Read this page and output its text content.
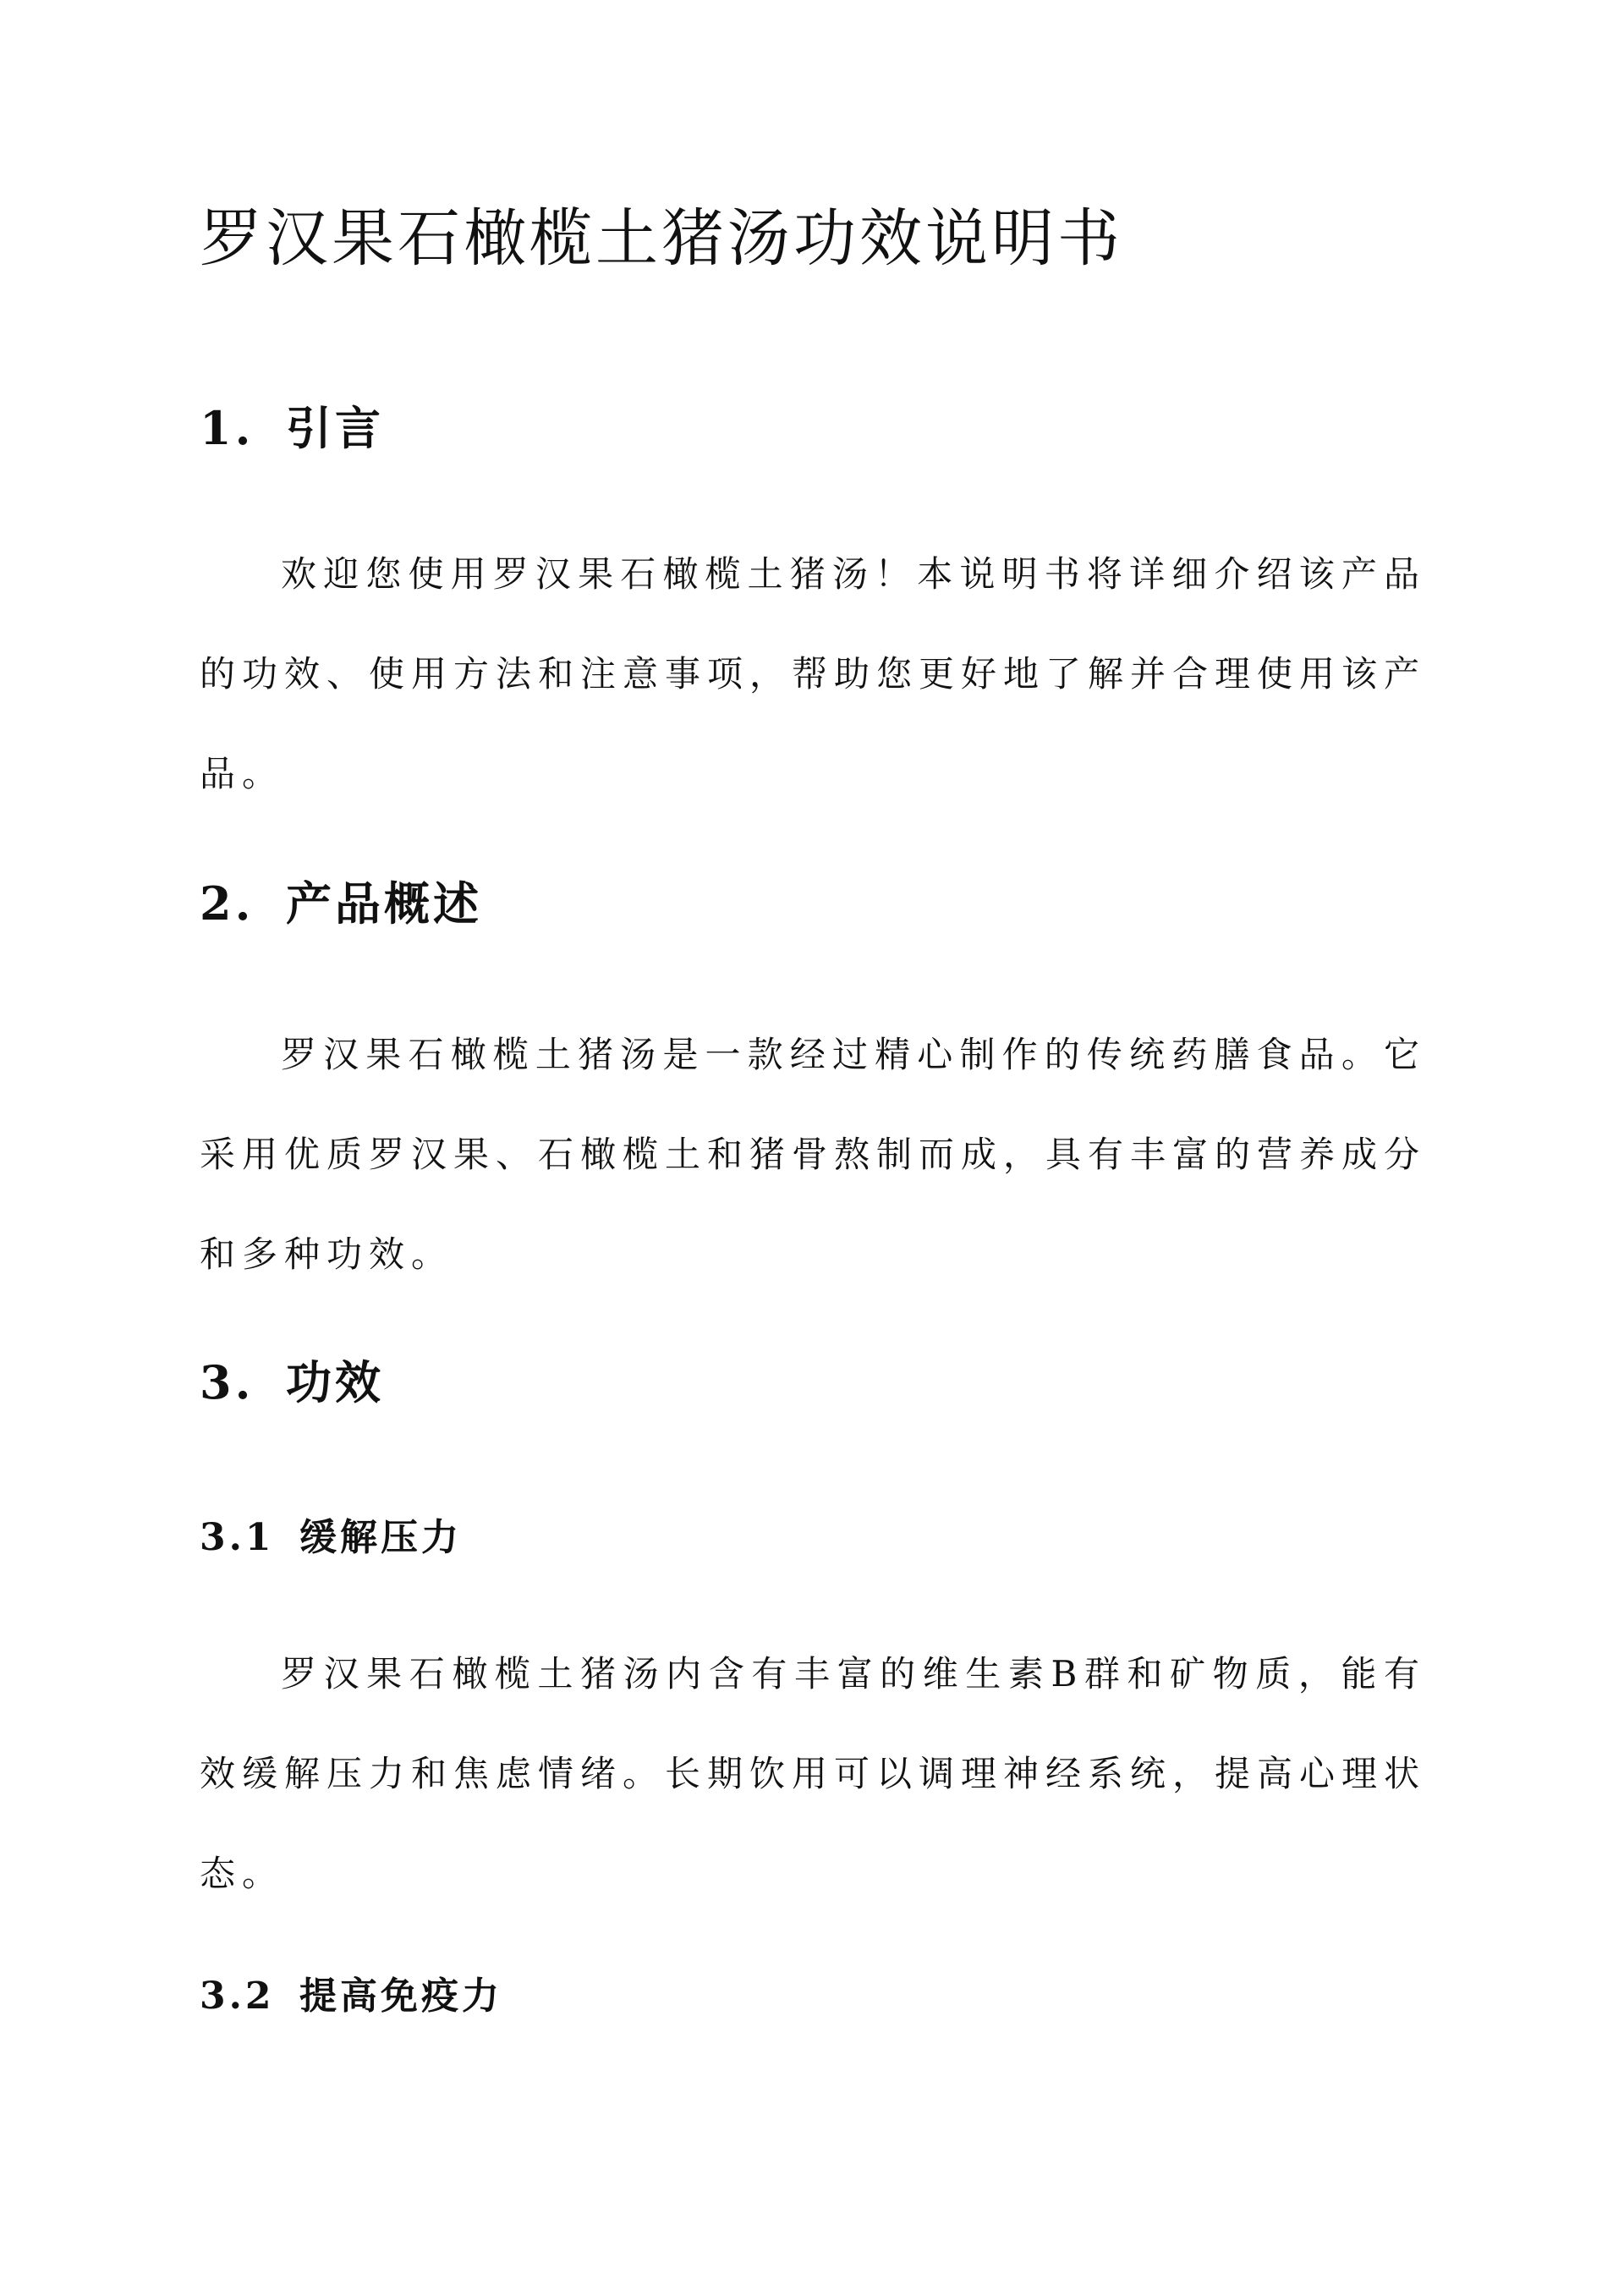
罗汉果石橄榄土猪汤功效说明书
1. 引言

欢迎您使用罗汉果石橄榄土猪汤！本说明书将详细介绍该产品的功效、使用方法和注意事项，帮助您更好地了解并合理使用该产品。

2. 产品概述

罗汉果石橄榄土猪汤是一款经过精心制作的传统药膳食品。它采用优质罗汉果、石橄榄土和猪骨熬制而成，具有丰富的营养成分和多种功效。

3. 功效
3.1 缓解压力

罗汉果石橄榄土猪汤内含有丰富的维生素B群和矿物质，能有效缓解压力和焦虑情绪。长期饮用可以调理神经系统，提高心理状态。

3.2 提高免疫力
